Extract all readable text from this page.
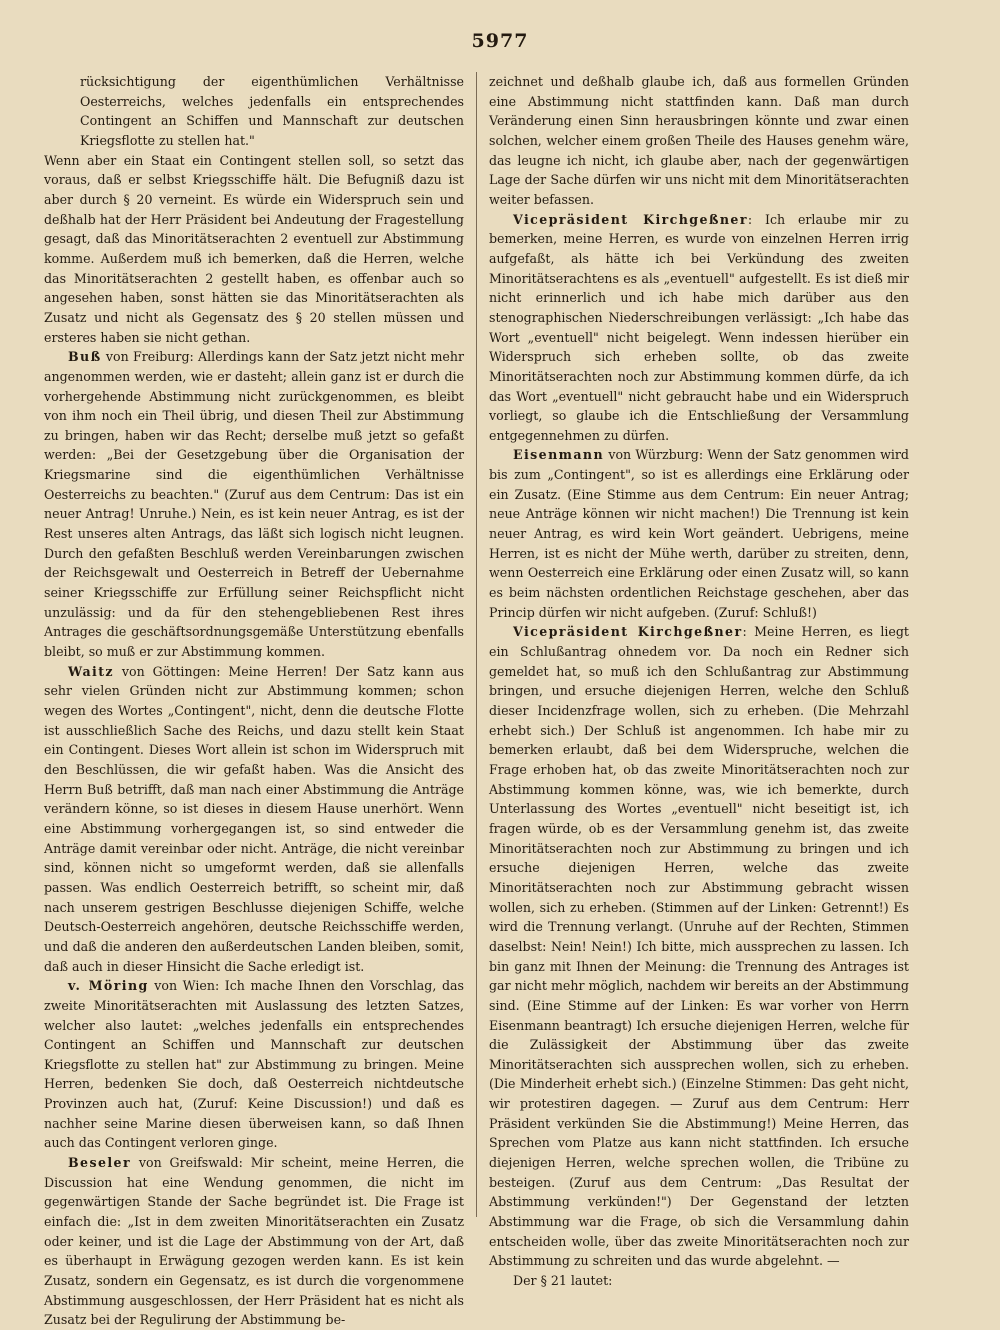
5977

rücksichtigung der eigenthümlichen Verhältnisse Oesterreichs, welches jedenfalls ein entsprechendes Contingent an Schiffen und Mannschaft zur deutschen Kriegsflotte zu stellen hat."

Wenn aber ein Staat ein Contingent stellen soll, so setzt das voraus, daß er selbst Kriegsschiffe hält. Die Befugniß dazu ist aber durch § 20 verneint. Es würde ein Widerspruch sein und deßhalb hat der Herr Präsident bei Andeutung der Fragestellung gesagt, daß das Minoritätserachten 2 eventuell zur Abstimmung komme. Außerdem muß ich bemerken, daß die Herren, welche das Minoritätserachten 2 gestellt haben, es offenbar auch so angesehen haben, sonst hätten sie das Minoritätserachten als Zusatz und nicht als Gegensatz des § 20 stellen müssen und ersteres haben sie nicht gethan.

Buß von Freiburg: Allerdings kann der Satz jetzt nicht mehr angenommen werden, wie er dasteht; allein ganz ist er durch die vorhergehende Abstimmung nicht zurückgenommen, es bleibt von ihm noch ein Theil übrig, und diesen Theil zur Abstimmung zu bringen, haben wir das Recht; derselbe muß jetzt so gefaßt werden: „Bei der Gesetzgebung über die Organisation der Kriegsmarine sind die eigenthümlichen Verhältnisse Oesterreichs zu beachten." (Zuruf aus dem Centrum: Das ist ein neuer Antrag! Unruhe.) Nein, es ist kein neuer Antrag, es ist der Rest unseres alten Antrags, das läßt sich logisch nicht leugnen. Durch den gefaßten Beschluß werden Vereinbarungen zwischen der Reichsgewalt und Oesterreich in Betreff der Uebernahme seiner Kriegsschiffe zur Erfüllung seiner Reichspflicht nicht unzulässig: und da für den stehengebliebenen Rest ihres Antrages die geschäftsordnungsgemäße Unterstützung ebenfalls bleibt, so muß er zur Abstimmung kommen.

Waitz von Göttingen: Meine Herren! Der Satz kann aus sehr vielen Gründen nicht zur Abstimmung kommen; schon wegen des Wortes „Contingent", nicht, denn die deutsche Flotte ist ausschließlich Sache des Reichs, und dazu stellt kein Staat ein Contingent. Dieses Wort allein ist schon im Widerspruch mit den Beschlüssen, die wir gefaßt haben. Was die Ansicht des Herrn Buß betrifft, daß man nach einer Abstimmung die Anträge verändern könne, so ist dieses in diesem Hause unerhört. Wenn eine Abstimmung vorhergegangen ist, so sind entweder die Anträge damit vereinbar oder nicht. Anträge, die nicht vereinbar sind, können nicht so umgeformt werden, daß sie allenfalls passen. Was endlich Oesterreich betrifft, so scheint mir, daß nach unserem gestrigen Beschlusse diejenigen Schiffe, welche Deutsch-Oesterreich angehören, deutsche Reichsschiffe werden, und daß die anderen den außerdeutschen Landen bleiben, somit, daß auch in dieser Hinsicht die Sache erledigt ist.

v. Möring von Wien: Ich mache Ihnen den Vorschlag, das zweite Minoritätserachten mit Auslassung des letzten Satzes, welcher also lautet: „welches jedenfalls ein entsprechendes Contingent an Schiffen und Mannschaft zur deutschen Kriegsflotte zu stellen hat" zur Abstimmung zu bringen. Meine Herren, bedenken Sie doch, daß Oesterreich nichtdeutsche Provinzen auch hat, (Zuruf: Keine Discussion!) und daß es nachher seine Marine diesen überweisen kann, so daß Ihnen auch das Contingent verloren ginge.

Beseler von Greifswald: Mir scheint, meine Herren, die Discussion hat eine Wendung genommen, die nicht im gegenwärtigen Stande der Sache begründet ist. Die Frage ist einfach die: „Ist in dem zweiten Minoritätserachten ein Zusatz oder keiner, und ist die Lage der Abstimmung von der Art, daß es überhaupt in Erwägung gezogen werden kann. Es ist kein Zusatz, sondern ein Gegensatz, es ist durch die vorgenommene Abstimmung ausgeschlossen, der Herr Präsident hat es nicht als Zusatz bei der Regulirung der Abstimmung be-

zeichnet und deßhalb glaube ich, daß aus formellen Gründen eine Abstimmung nicht stattfinden kann. Daß man durch Veränderung einen Sinn herausbringen könnte und zwar einen solchen, welcher einem großen Theile des Hauses genehm wäre, das leugne ich nicht, ich glaube aber, nach der gegenwärtigen Lage der Sache dürfen wir uns nicht mit dem Minoritätserachten weiter befassen.

Vicepräsident Kirchgeßner: Ich erlaube mir zu bemerken, meine Herren, es wurde von einzelnen Herren irrig aufgefaßt, als hätte ich bei Verkündung des zweiten Minoritätserachtens es als „eventuell" aufgestellt. Es ist dieß mir nicht erinnerlich und ich habe mich darüber aus den stenographischen Niederschreibungen verlässigt: „Ich habe das Wort „eventuell" nicht beigelegt. Wenn indessen hierüber ein Widerspruch sich erheben sollte, ob das zweite Minoritätserachten noch zur Abstimmung kommen dürfe, da ich das Wort „eventuell" nicht gebraucht habe und ein Widerspruch vorliegt, so glaube ich die Entschließung der Versammlung entgegennehmen zu dürfen.

Eisenmann von Würzburg: Wenn der Satz genommen wird bis zum „Contingent", so ist es allerdings eine Erklärung oder ein Zusatz. (Eine Stimme aus dem Centrum: Ein neuer Antrag; neue Anträge können wir nicht machen!) Die Trennung ist kein neuer Antrag, es wird kein Wort geändert. Uebrigens, meine Herren, ist es nicht der Mühe werth, darüber zu streiten, denn, wenn Oesterreich eine Erklärung oder einen Zusatz will, so kann es beim nächsten ordentlichen Reichstage geschehen, aber das Princip dürfen wir nicht aufgeben. (Zuruf: Schluß!)

Vicepräsident Kirchgeßner: Meine Herren, es liegt ein Schlußantrag ohnedem vor. Da noch ein Redner sich gemeldet hat, so muß ich den Schlußantrag zur Abstimmung bringen, und ersuche diejenigen Herren, welche den Schluß dieser Incidenzfrage wollen, sich zu erheben. (Die Mehrzahl erhebt sich.) Der Schluß ist angenommen. Ich habe mir zu bemerken erlaubt, daß bei dem Widerspruche, welchen die Frage erhoben hat, ob das zweite Minoritätserachten noch zur Abstimmung kommen könne, was, wie ich bemerkte, durch Unterlassung des Wortes „eventuell" nicht beseitigt ist, ich fragen würde, ob es der Versammlung genehm ist, das zweite Minoritätserachten noch zur Abstimmung zu bringen und ich ersuche diejenigen Herren, welche das zweite Minoritätserachten noch zur Abstimmung gebracht wissen wollen, sich zu erheben. (Stimmen auf der Linken: Getrennt!) Es wird die Trennung verlangt. (Unruhe auf der Rechten, Stimmen daselbst: Nein! Nein!) Ich bitte, mich aussprechen zu lassen. Ich bin ganz mit Ihnen der Meinung: die Trennung des Antrages ist gar nicht mehr möglich, nachdem wir bereits an der Abstimmung sind. (Eine Stimme auf der Linken: Es war vorher von Herrn Eisenmann beantragt) Ich ersuche diejenigen Herren, welche für die Zulässigkeit der Abstimmung über das zweite Minoritätserachten sich aussprechen wollen, sich zu erheben. (Die Minderheit erhebt sich.) (Einzelne Stimmen: Das geht nicht, wir protestiren dagegen. — Zuruf aus dem Centrum: Herr Präsident verkünden Sie die Abstimmung!) Meine Herren, das Sprechen vom Platze aus kann nicht stattfinden. Ich ersuche diejenigen Herren, welche sprechen wollen, die Tribüne zu besteigen. (Zuruf aus dem Centrum: „Das Resultat der Abstimmung verkünden!") Der Gegenstand der letzten Abstimmung war die Frage, ob sich die Versammlung dahin entscheiden wolle, über das zweite Minoritätserachten noch zur Abstimmung zu schreiten und das wurde abgelehnt. —

Der § 21 lautet:
